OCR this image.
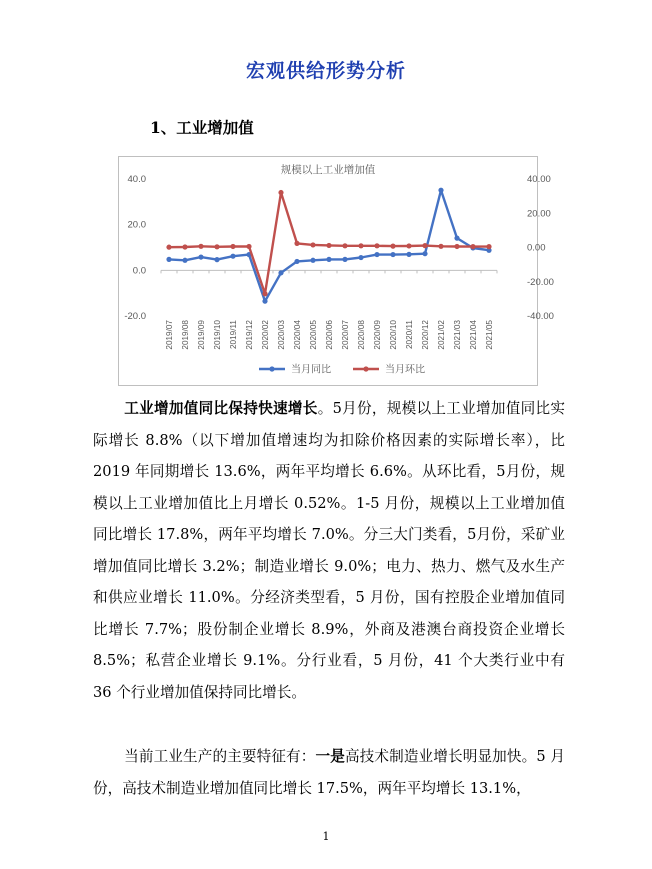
宏观供给形势分析
1、工业增加值
规模以上工业增加值
-20.0
0.0
20.0
40.0
-40.00
-20.00
0.00
20.00
40.00
2019/07 2019/08 2019/09 2019/10 2019/11 2019/12 2020/02 2020/03 2020/04 2020/05 2020/06 2020/07 2020/08 2020/09 2020/10 2020/11 2020/12 2021/02 2021/03 2021/04 2021/05
当月同比	当月环比

工业增加值同比保持快速增长。5月份，规模以上工业增加值同比实际增长 8.8%（以下增加值增速均为扣除价格因素的实际增长率），比 2019 年同期增长 13.6%，两年平均增长 6.6%。从环比看，5月份，规模以上工业增加值比上月增长 0.52%。1-5 月份，规模以上工业增加值同比增长 17.8%，两年平均增长 7.0%。分三大门类看，5月份，采矿业增加值同比增长 3.2%；制造业增长 9.0%；电力、热力、燃气及水生产和供应业增长 11.0%。分经济类型看，5 月份，国有控股企业增加值同比增长 7.7%；股份制企业增长 8.9%，外商及港澳台商投资企业增长 8.5%；私营企业增长 9.1%。分行业看，5 月份，41 个大类行业中有 36 个行业增加值保持同比增长。

当前工业生产的主要特征有：一是高技术制造业增长明显加快。5 月份，高技术制造业增加值同比增长 17.5%，两年平均增长 13.1%，

1
